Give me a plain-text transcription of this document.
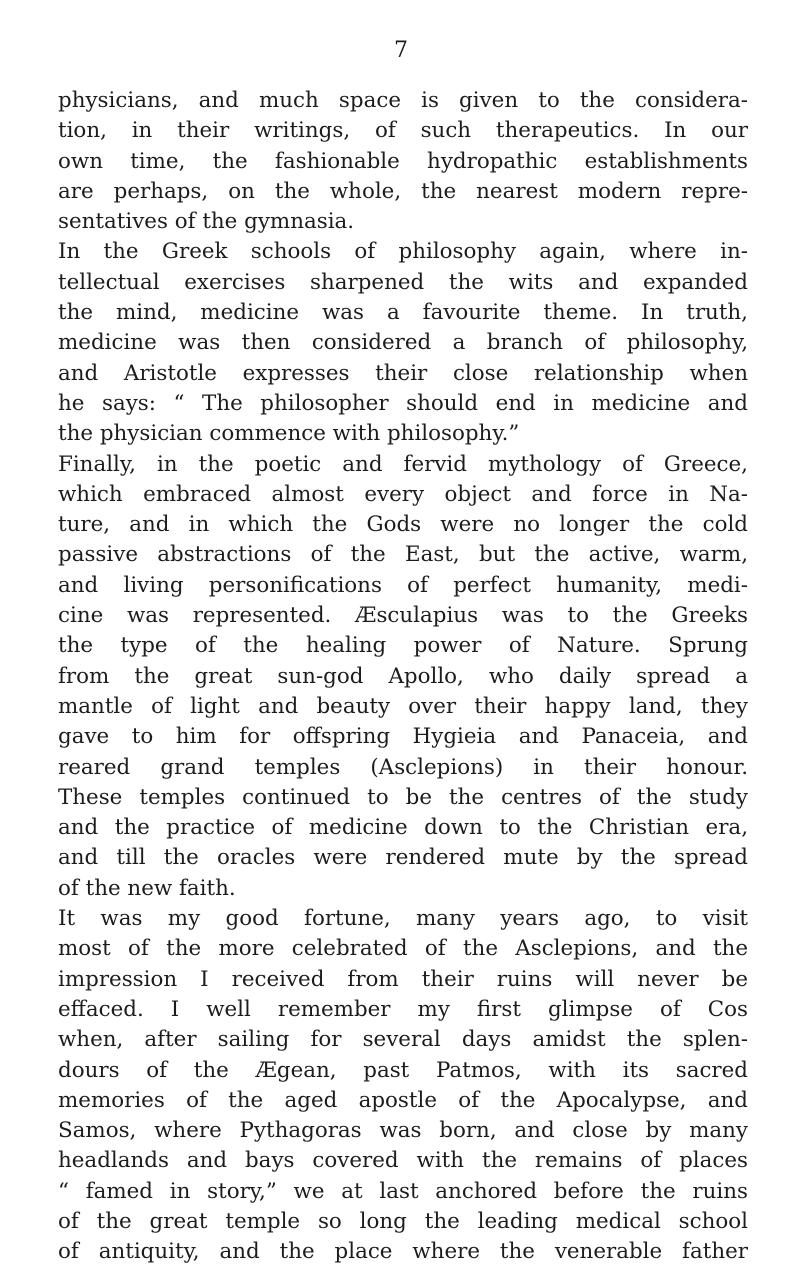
7
physicians, and much space is given to the considera-
tion, in their writings, of such therapeutics. In our
own time, the fashionable hydropathic establishments
are perhaps, on the whole, the nearest modern repre-
sentatives of the gymnasia.
In the Greek schools of philosophy again, where in-
tellectual exercises sharpened the wits and expanded
the mind, medicine was a favourite theme. In truth,
medicine was then considered a branch of philosophy,
and Aristotle expresses their close relationship when
he says: “ The philosopher should end in medicine and
the physician commence with philosophy.”
Finally, in the poetic and fervid mythology of Greece,
which embraced almost every object and force in Na-
ture, and in which the Gods were no longer the cold
passive abstractions of the East, but the active, warm,
and living personifications of perfect humanity, medi-
cine was represented. Æsculapius was to the Greeks
the type of the healing power of Nature. Sprung
from the great sun-god Apollo, who daily spread a
mantle of light and beauty over their happy land, they
gave to him for offspring Hygieia and Panaceia, and
reared grand temples (Asclepions) in their honour.
These temples continued to be the centres of the study
and the practice of medicine down to the Christian era,
and till the oracles were rendered mute by the spread
of the new faith.
It was my good fortune, many years ago, to visit
most of the more celebrated of the Asclepions, and the
impression I received from their ruins will never be
effaced. I well remember my first glimpse of Cos
when, after sailing for several days amidst the splen-
dours of the Ægean, past Patmos, with its sacred
memories of the aged apostle of the Apocalypse, and
Samos, where Pythagoras was born, and close by many
headlands and bays covered with the remains of places
“ famed in story,” we at last anchored before the ruins
of the great temple so long the leading medical school
of antiquity, and the place where the venerable father
